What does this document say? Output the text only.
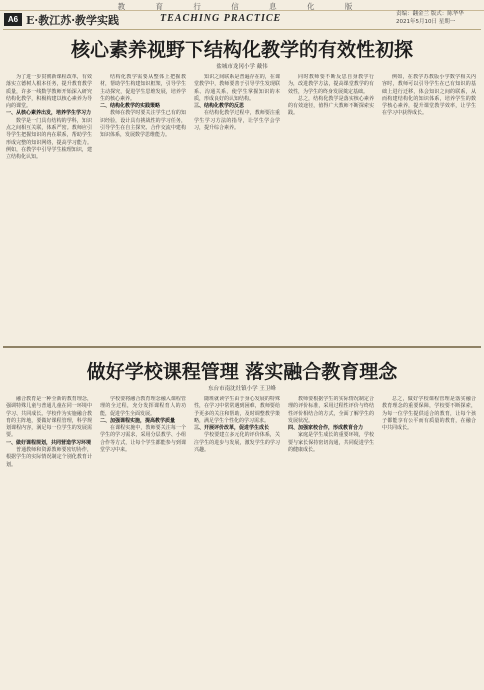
教 育 行 信 息 化 版
A6 E·教江苏·教学实践	TEACHING PRACTICE	责编：翻金兰 版式：陈华华
2021年5月10日 星期一
核心素养视野下结构化教学的有效性初探
盐城市龙冈小学 戴伟

为了进一步贯彻新课程改革，有效落实立德树人根本任务，提升教育教学质量，许多一线数学教师开始深入研究结构化教学，积极构建以核心素养为导向的课堂。

一、从核心素养出发，培养学生学习力

数学是一门具有结构的学科，知识点之间相互关联，体系严密。教师应引导学生把握知识的内在联系，帮助学生形成完整的知识网络，提高学习能力。例如，在教学中引导学生梳理知识，建立结构化认知。

结构化教学需要从整体上把握教材，帮助学生构建知识框架，引导学生主动探究，促进学生思维发展，培养学生的核心素养。

二、结构化教学的实践策略

教师在教学时要关注学生已有的知识经验，设计具有挑战性的学习任务，引导学生在自主探究、合作交流中建构知识体系，发展数学思维能力。

知识之间联系是普遍存在的，在课堂教学中，教师要善于引导学生发现联系、沟通关系，使学生掌握知识的本质，形成良好的认知结构。

三、结构化教学的反思

在结构化教学过程中，教师要注重学生学习方法的指导，让学生学会学习，提升综合素养。

同时教师要不断反思自身教学行为，改进教学方法，提高课堂教学的有效性，为学生的终身发展奠定基础。

总之，结构化教学是落实核心素养的有效途径，值得广大教师不断探索实践。

例如，在教学苏教版小学数学相关内容时，教师可以引导学生在已有知识的基础上进行迁移，体会知识之间的联系，从而构建结构化的知识体系，培养学生的数学核心素养，提升课堂教学效率，让学生在学习中获得成长。

做好学校课程管理 落实融合教育理念
东台市南沈灶镇小学 王卫峰

融合教育是一种全新的教育理念，强调特殊儿童与普通儿童在同一环境中学习、共同成长。学校作为实施融合教育的主阵地，要做好课程管理，科学规划课程内容，满足每一位学生的发展需要。

一、做好课程规划，共同营造学习环境

普通教师和资源教师要密切协作，根据学生的实际情况制定个别化教育计划。

学校要将融合教育理念融入课程管理的全过程，充分发挥课程育人的功能，促进学生全面发展。

二、加强课程实施，提高教学质量

在课程实施中，教师要关注每一个学生的学习需求，采用分层教学、小组合作等方式，让每个学生都能参与到课堂学习中来。

随班就读学生由于身心发展的特殊性，在学习中常常遇到困难，教师要给予更多的关注和帮助，及时调整教学策略，满足学生个性化的学习需求。

三、开展评价改革，促进学生成长

学校要建立多元化的评价体系，关注学生的进步与发展，激发学生的学习兴趣。

教师要根据学生的实际情况制定合理的评价标准，采用过程性评价与终结性评价相结合的方式，全面了解学生的发展状况。

四、加强家校合作，形成教育合力

家庭是学生成长的重要环境，学校要与家长保持密切沟通，共同促进学生的健康成长。

总之，做好学校课程管理是落实融合教育理念的重要保障，学校要不断探索，为每一位学生提供适合的教育，让每个孩子都能享有公平而有质量的教育，在融合中共同成长。
